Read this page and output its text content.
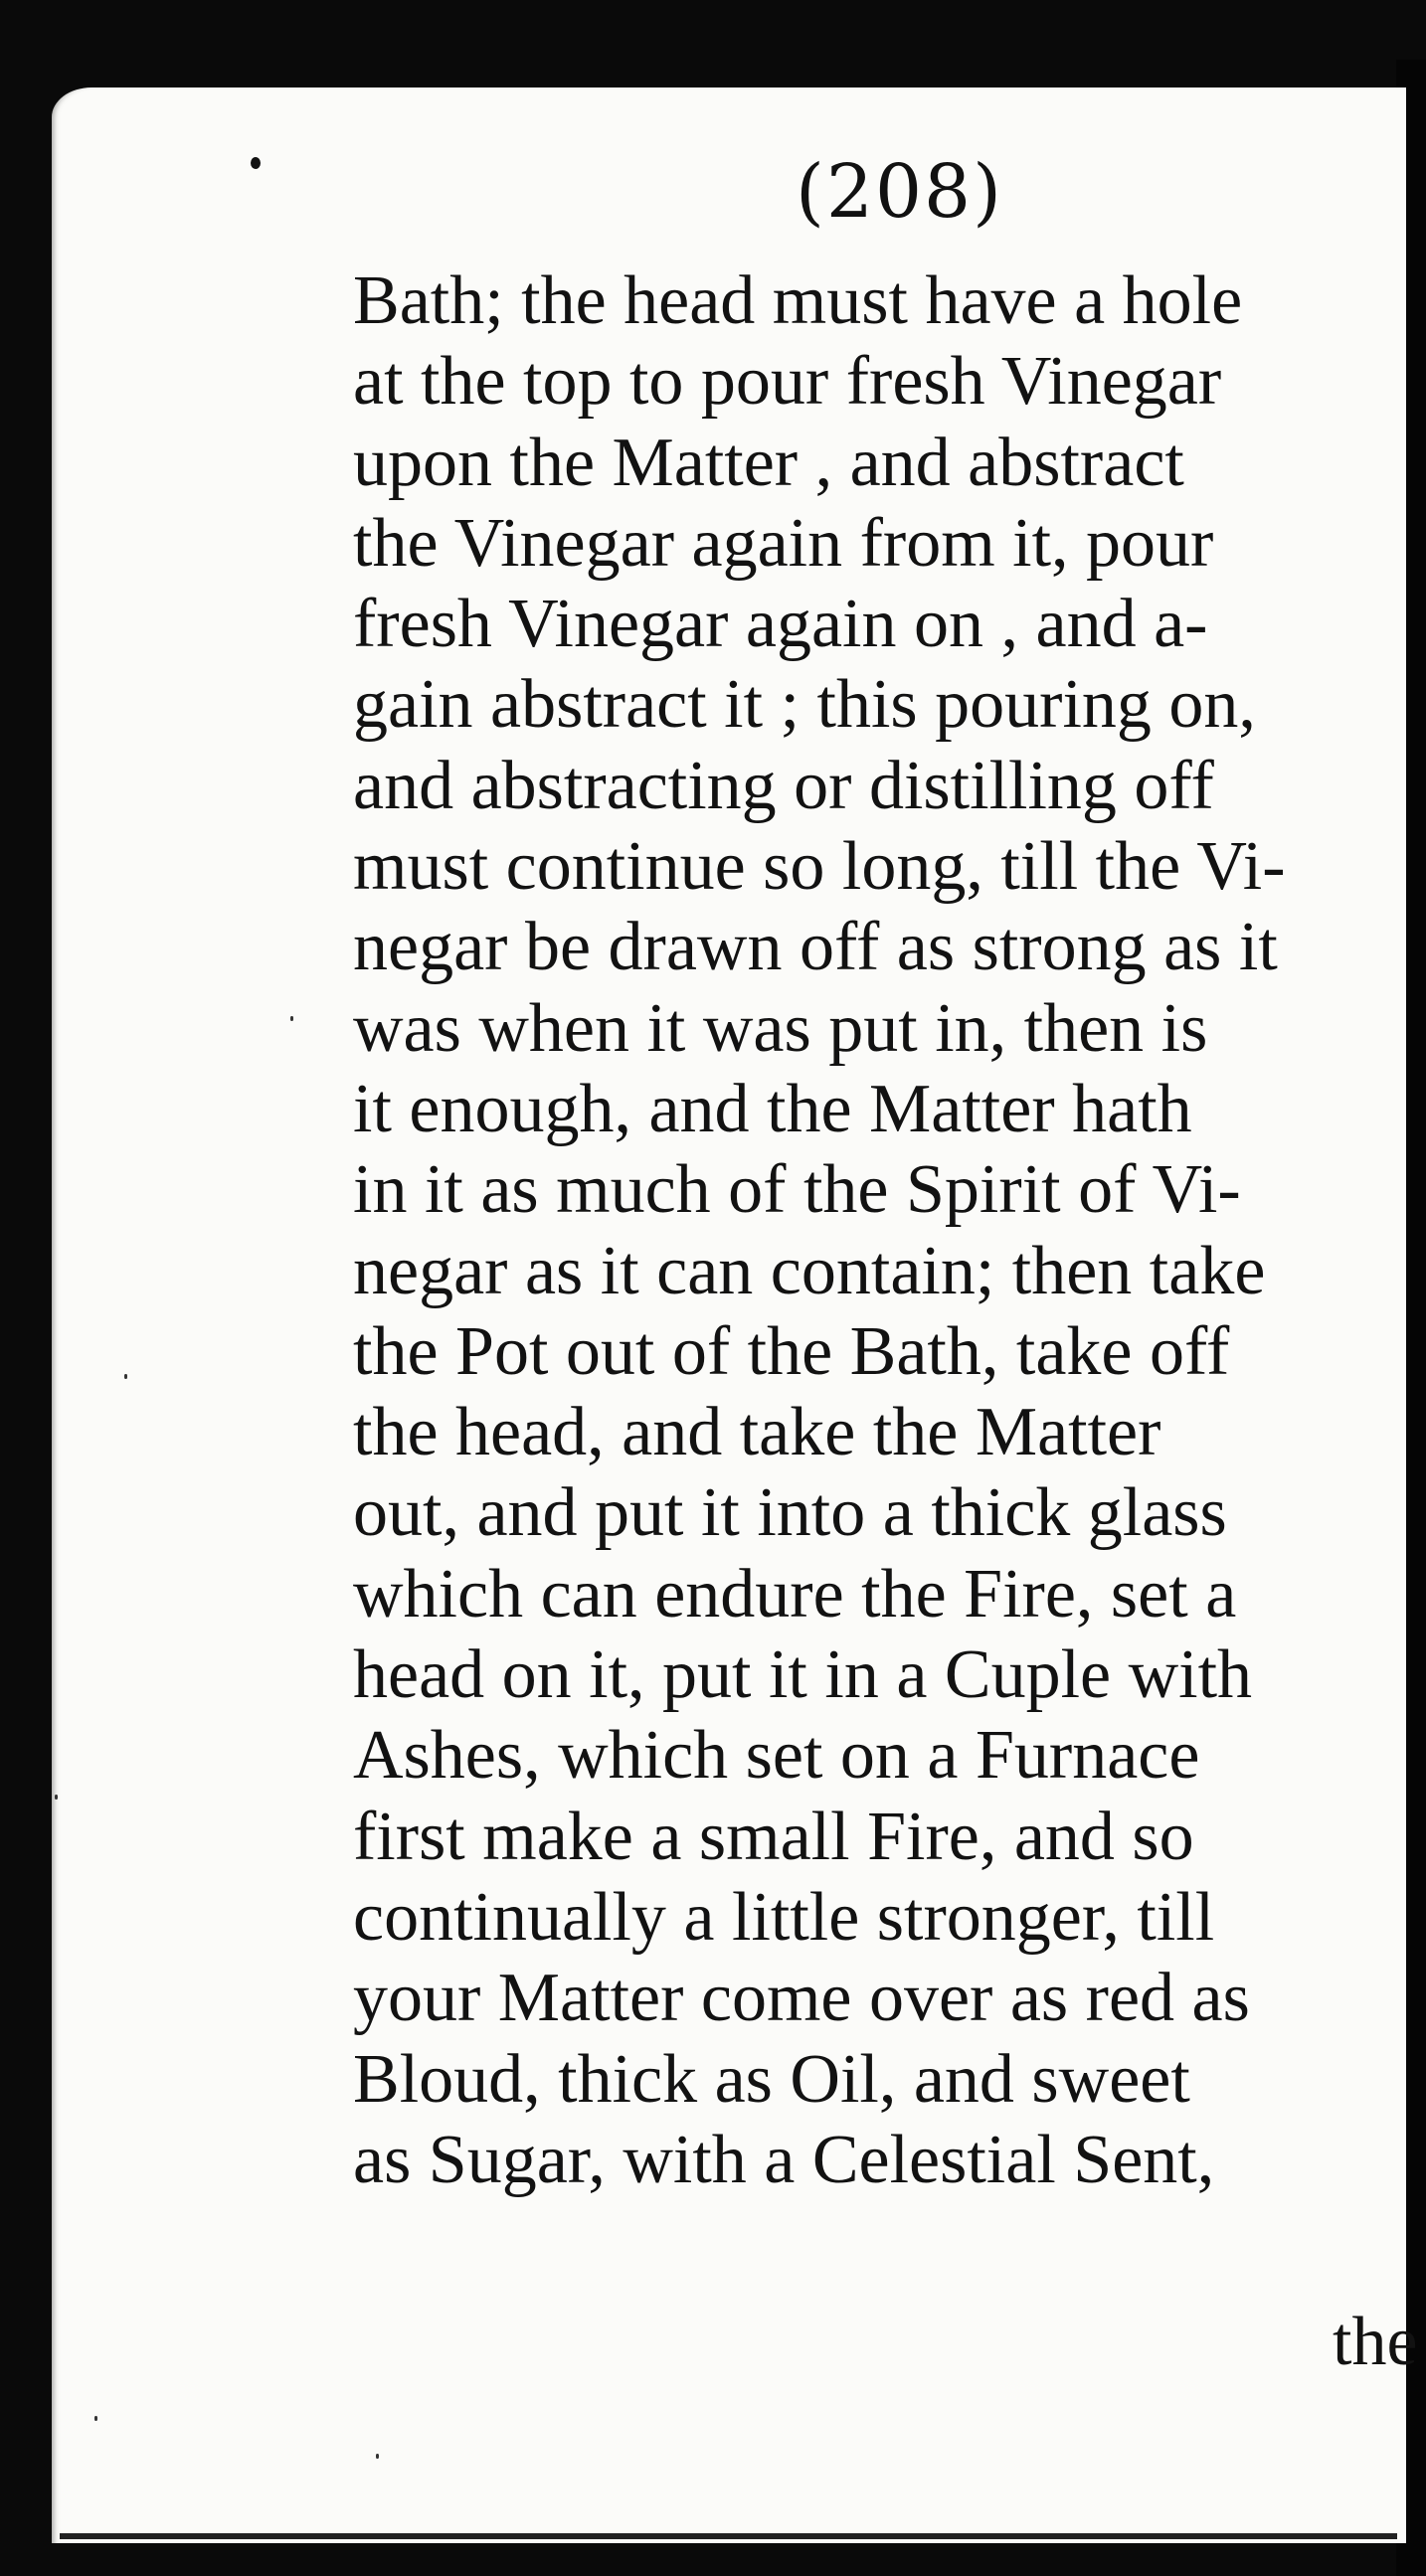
(208)
Bath; the head must have a hole
at the top to pour fresh Vinegar
upon the Matter , and abstract
the Vinegar again from it, pour
fresh Vinegar again on , and a-
gain abstract it ; this pouring on,
and abstracting or distilling off
must continue so long, till the Vi-
negar be drawn off as strong as it
was when it was put in, then is
it enough, and the Matter hath
in it as much of the Spirit of Vi-
negar as it can contain; then take
the Pot out of the Bath, take off
the head, and take the Matter
out, and put it into a thick glass
which can endure the Fire, set a
head on it, put it in a Cuple with
Ashes, which set on a Furnace
first make a small Fire, and so
continually a little stronger, till
your Matter come over as red as
Bloud, thick as Oil, and sweet
as Sugar, with a Celestial Sent,
the
